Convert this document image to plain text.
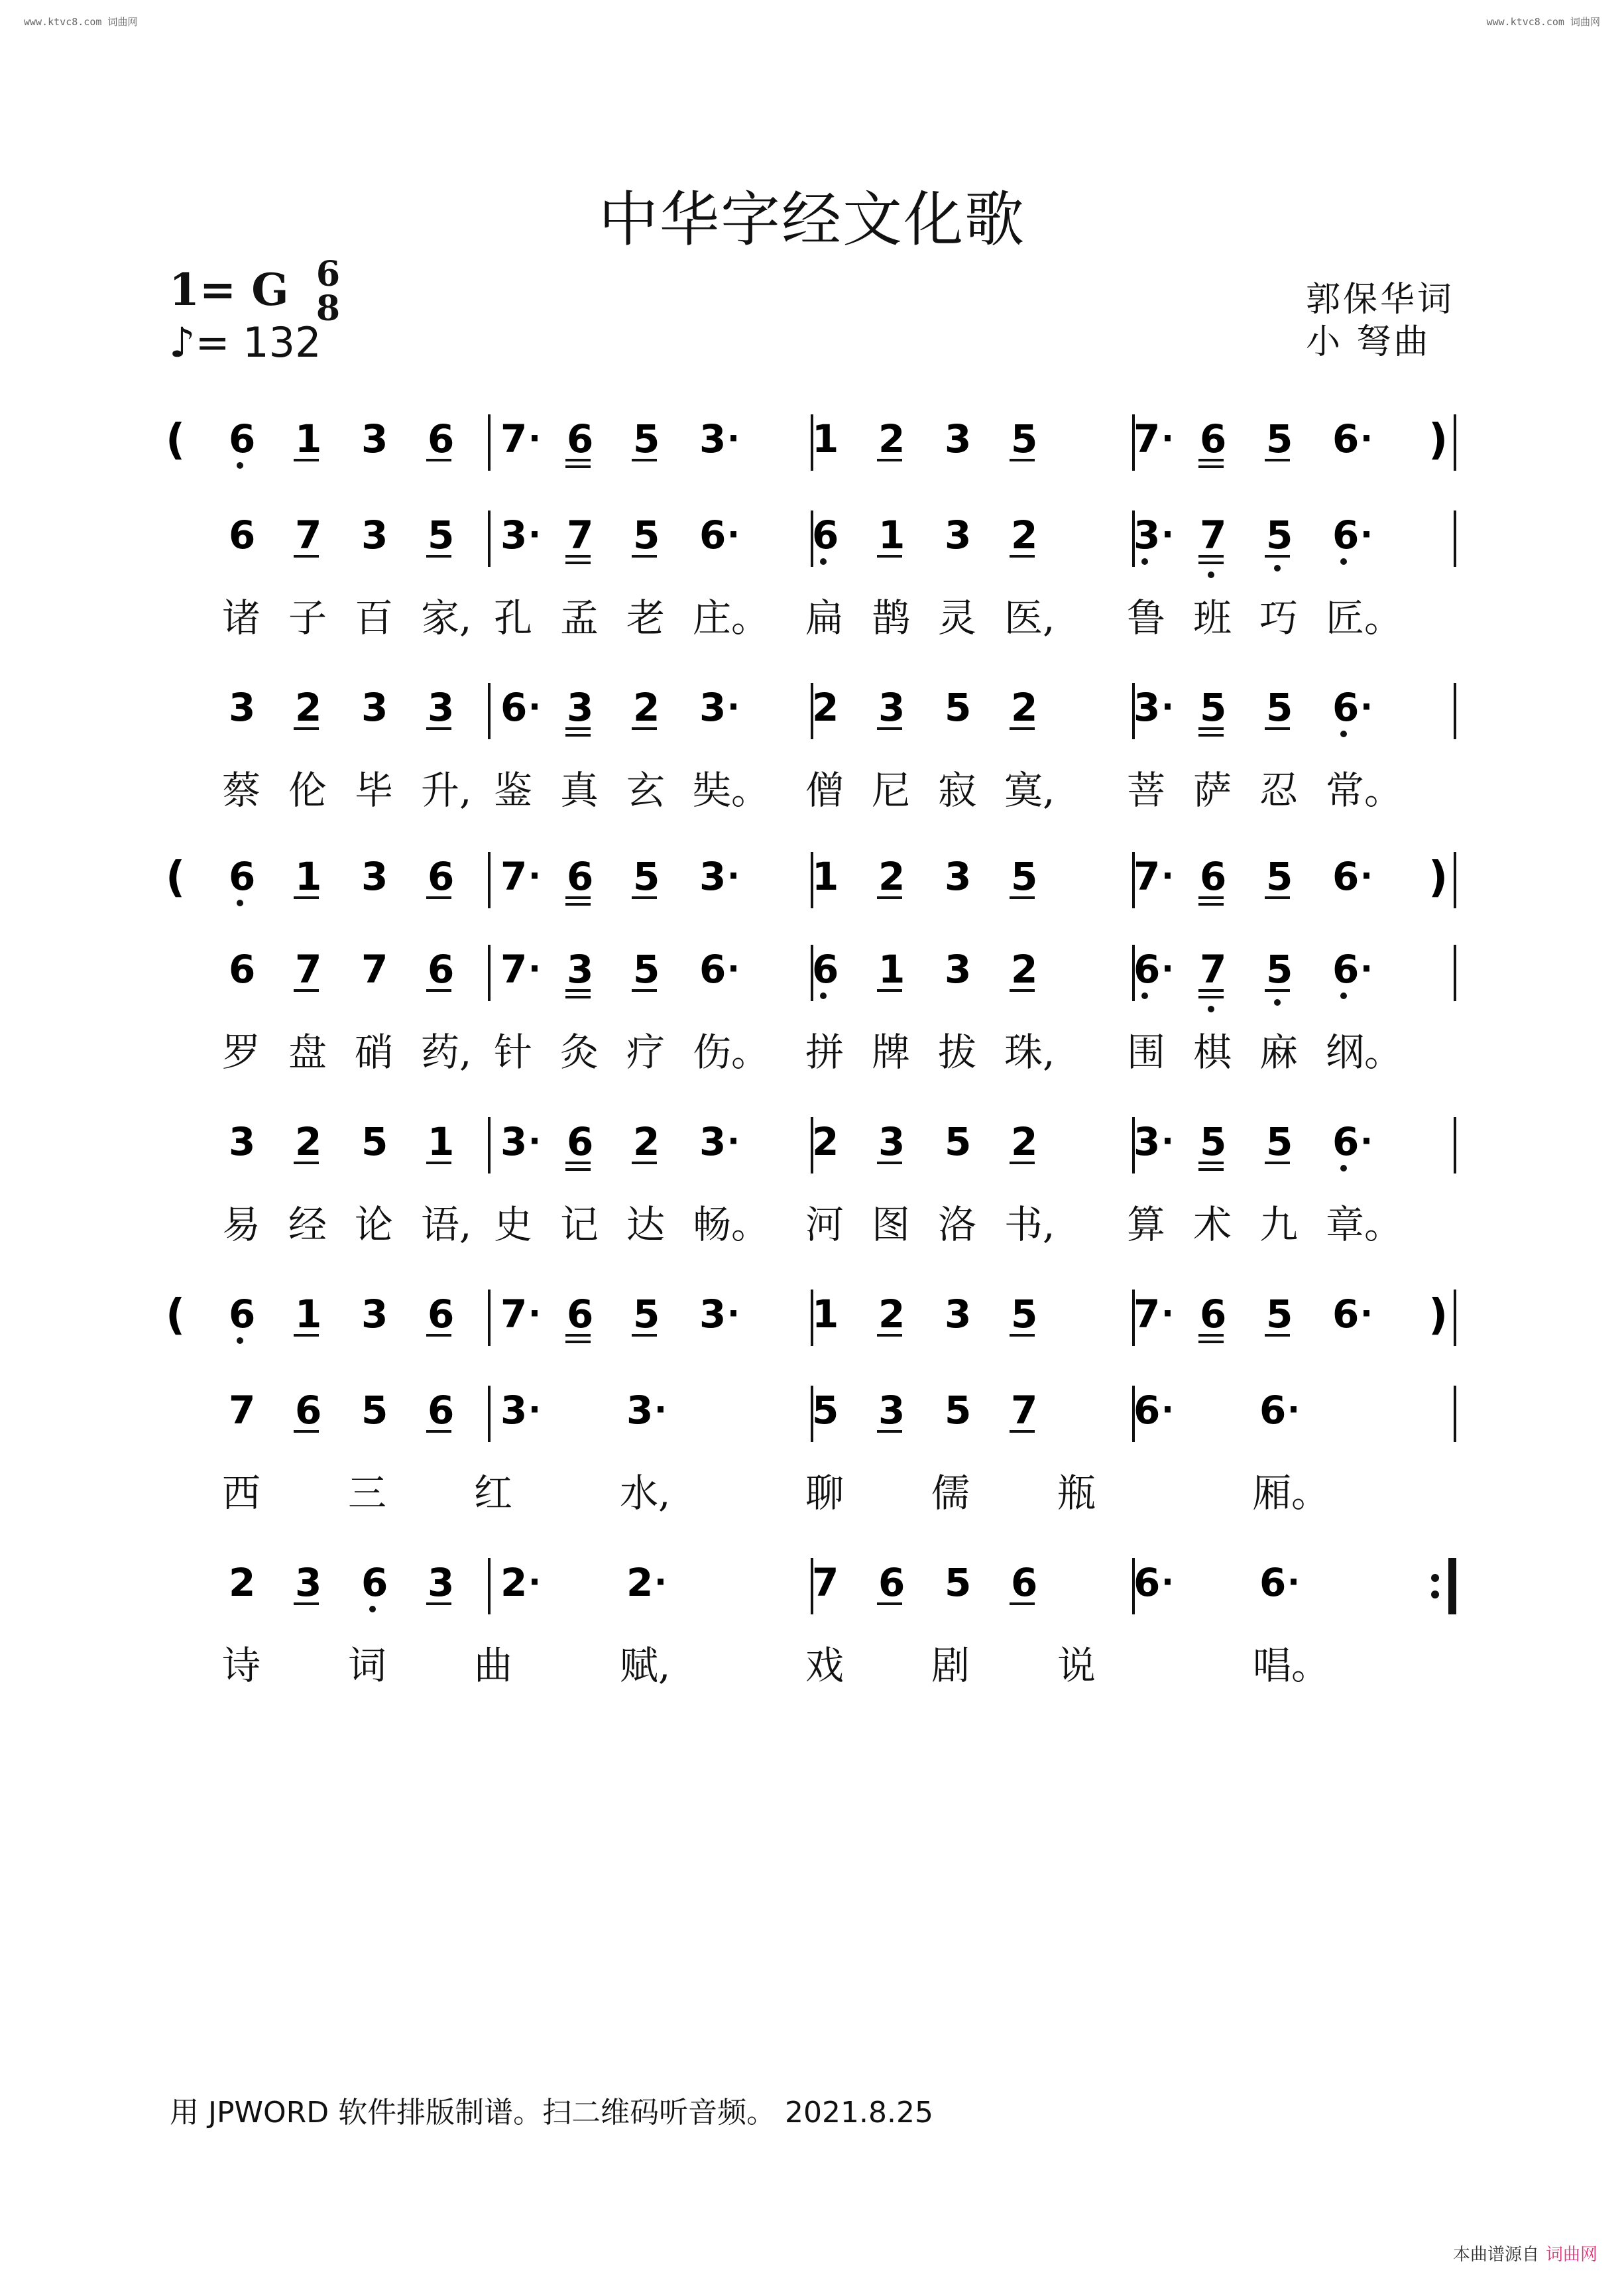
www.ktvc8.com 词曲网	www.ktvc8.com 词曲网
中华字经文化歌
1= G 6
8
♪= 132
郭保华词
小 弩曲
( 6 1 3 6 7 · 6 5 3 · 1 2 3 5 7 · 6 5 6 · )
6 7 3 5 3 · 7 5 6 · 6 1 3 2 3 · 7 5 6 ·
诸 子 百 家, 孔 孟 老 庄。 扁 鹊 灵 医, 鲁 班 巧 匠。
3 2 3 3 6 · 3 2 3 · 2 3 5 2 3 · 5 5 6 ·
蔡 伦 毕 升, 鉴 真 玄 奘。 僧 尼 寂 寞, 菩 萨 忍 常。
( 6 1 3 6 7 · 6 5 3 · 1 2 3 5 7 · 6 5 6 · )
6 7 7 6 7 · 3 5 6 · 6 1 3 2 6 · 7 5 6 ·
罗 盘 硝 药, 针 灸 疗 伤。 拼 牌 拔 珠, 围 棋 麻 纲。
3 2 5 1 3 · 6 2 3 · 2 3 5 2 3 · 5 5 6 ·
易 经 论 语, 史 记 达 畅。 河 图 洛 书, 算 术 九 章。
( 6 1 3 6 7 · 6 5 3 · 1 2 3 5 7 · 6 5 6 · )
7 6 5 6 3 · 3 ·	5 3 5 7 6 · 6 ·
西 三 红	水,	聊 儒 瓶	厢。
2 3 6 3 2 · 2 ·	7 6 5 6 6 · 6 ·
诗 词 曲	赋,	戏 剧 说	唱。
用 JPWORD 软件排版制谱。扫二维码听音频。 2021.8.25
本曲谱源自 词曲网
